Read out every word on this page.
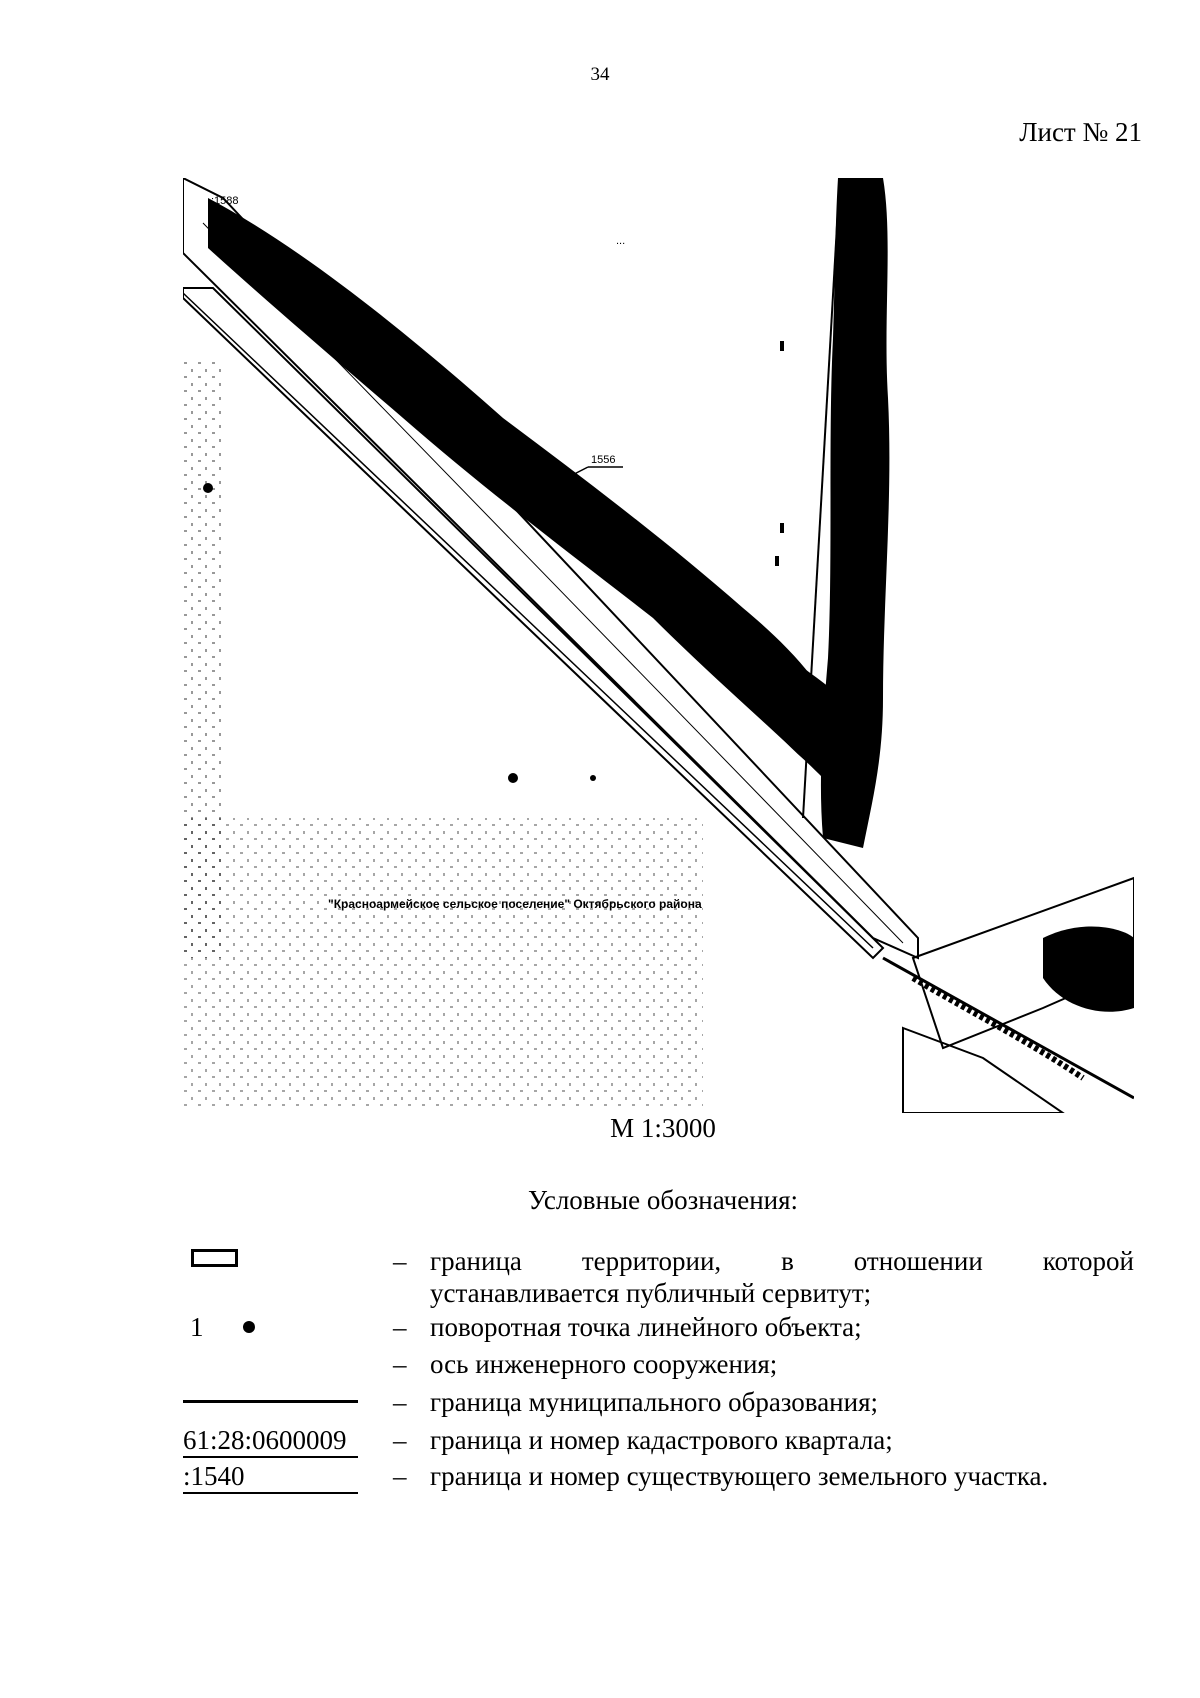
34
Лист № 21
:1588
...
1556
"Красноармейское сельское поселение" Октябрьского района
М 1:3000
Условные обозначения:
– граница территории, в отношении которой
устанавливается публичный сервитут;
1	– поворотная точка линейного объекта;
– ось инженерного сооружения;
– граница муниципального образования;
61:28:0600009	– граница и номер кадастрового квартала;
:1540	– граница и номер существующего земельного участка.
